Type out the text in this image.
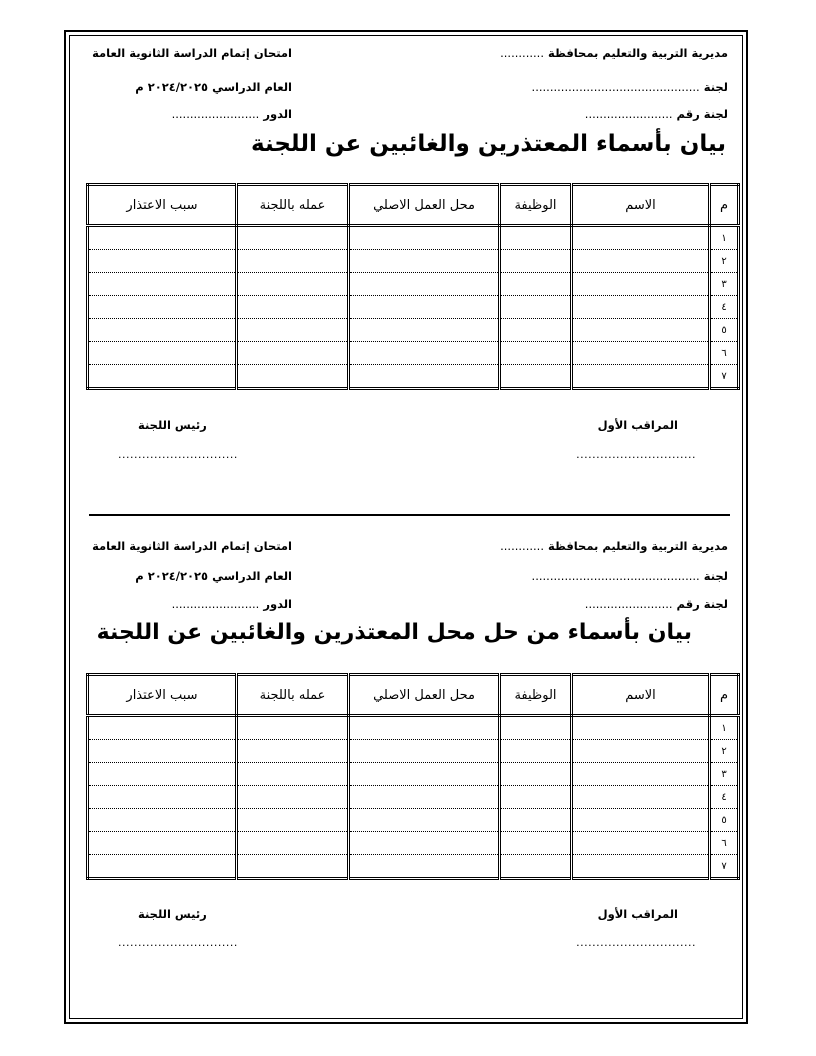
مديرية التربية والتعليم بمحافظة ............
امتحان إتمام الدراسة الثانوية العامة
لجنة ..............................................
العام الدراسي ٢٠٢٤/٢٠٢٥ م
لجنة رقم ........................
الدور ........................
بيان بأسماء المعتذرين والغائبين عن اللجنة
م	الاسم	الوظيفة	محل العمل الاصلي	عمله باللجنة	سبب الاعتذار
١					
٢					
٣					
٤					
٥					
٦					
٧					
المراقب الأول
رئيس اللجنة
..............................
..............................
مديرية التربية والتعليم بمحافظة ............
امتحان إتمام الدراسة الثانوية العامة
لجنة ..............................................
العام الدراسي ٢٠٢٤/٢٠٢٥ م
لجنة رقم ........................
الدور ........................
بيان بأسماء من حل محل المعتذرين والغائبين عن اللجنة
م	الاسم	الوظيفة	محل العمل الاصلي	عمله باللجنة	سبب الاعتذار
١					
٢					
٣					
٤					
٥					
٦					
٧					
المراقب الأول
رئيس اللجنة
..............................
..............................
